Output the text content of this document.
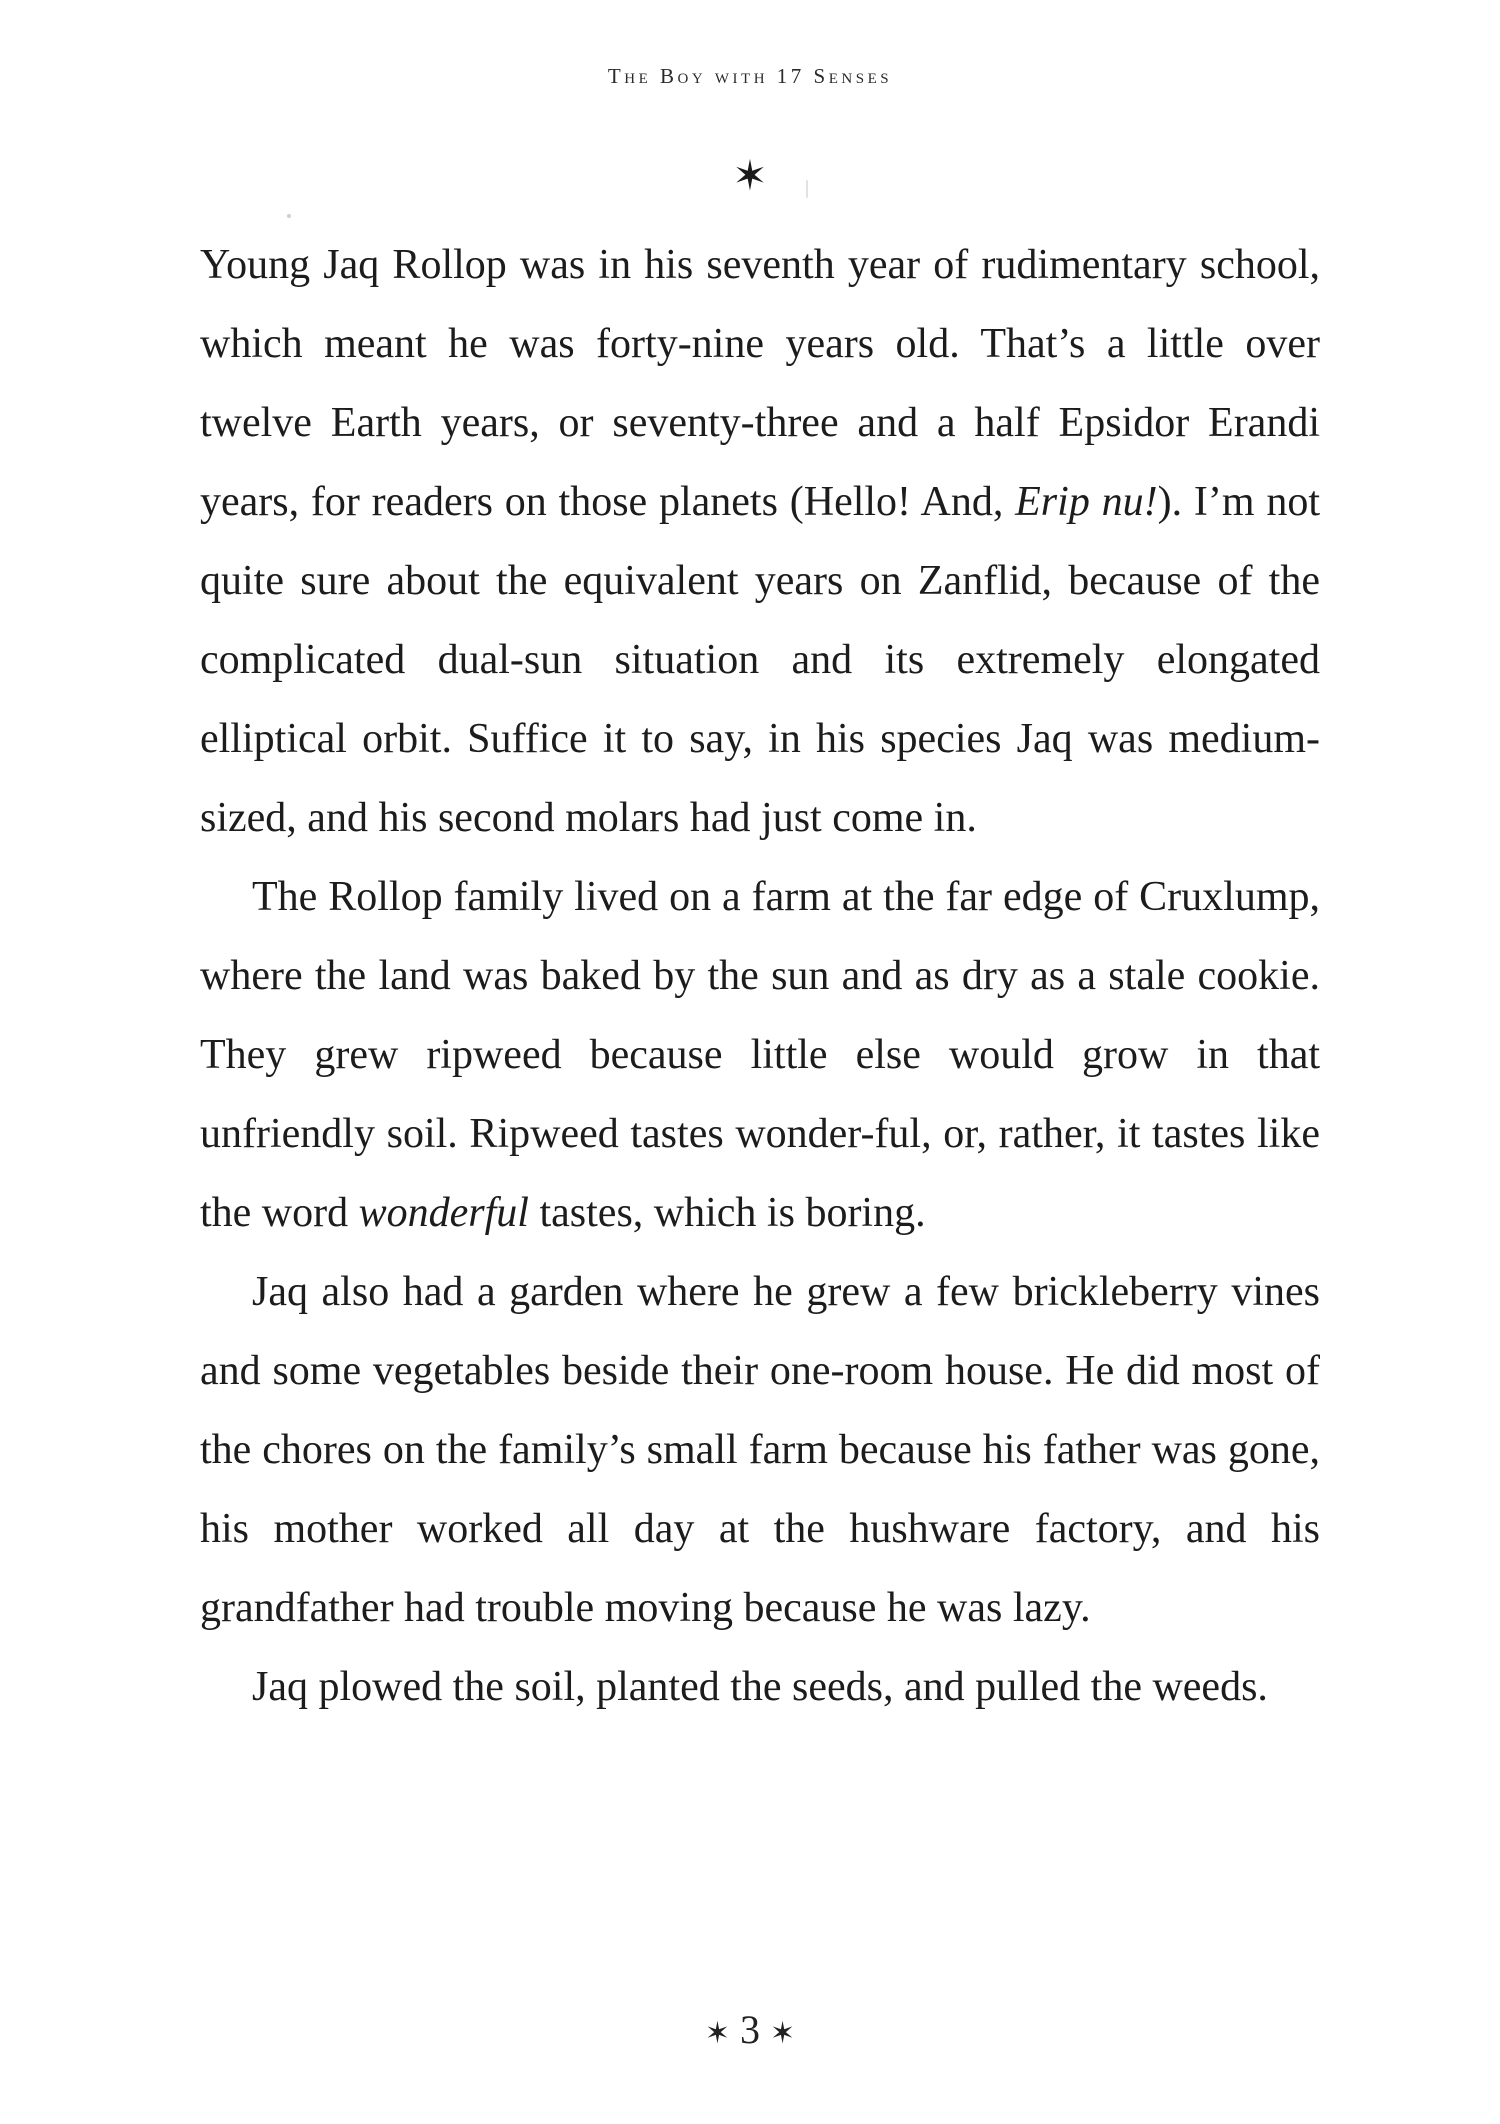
The Boy with 17 Senses
✶

Young Jaq Rollop was in his seventh year of rudimentary school, which meant he was forty-nine years old. That’s a little over twelve Earth years, or seventy-three and a half Epsidor Erandi years, for readers on those planets (Hello! And, Erip nu!). I’m not quite sure about the equivalent years on Zanflid, because of the complicated dual-sun situation and its extremely elongated elliptical orbit. Suffice it to say, in his species Jaq was medium-sized, and his second molars had just come in.

The Rollop family lived on a farm at the far edge of Cruxlump, where the land was baked by the sun and as dry as a stale cookie. They grew ripweed because little else would grow in that unfriendly soil. Ripweed tastes wonder-ful, or, rather, it tastes like the word wonderful tastes, which is boring.

Jaq also had a garden where he grew a few brickleberry vines and some vegetables beside their one-room house. He did most of the chores on the family’s small farm because his father was gone, his mother worked all day at the hushware factory, and his grandfather had trouble moving because he was lazy.

Jaq plowed the soil, planted the seeds, and pulled the weeds.

✶ 3 ✶
